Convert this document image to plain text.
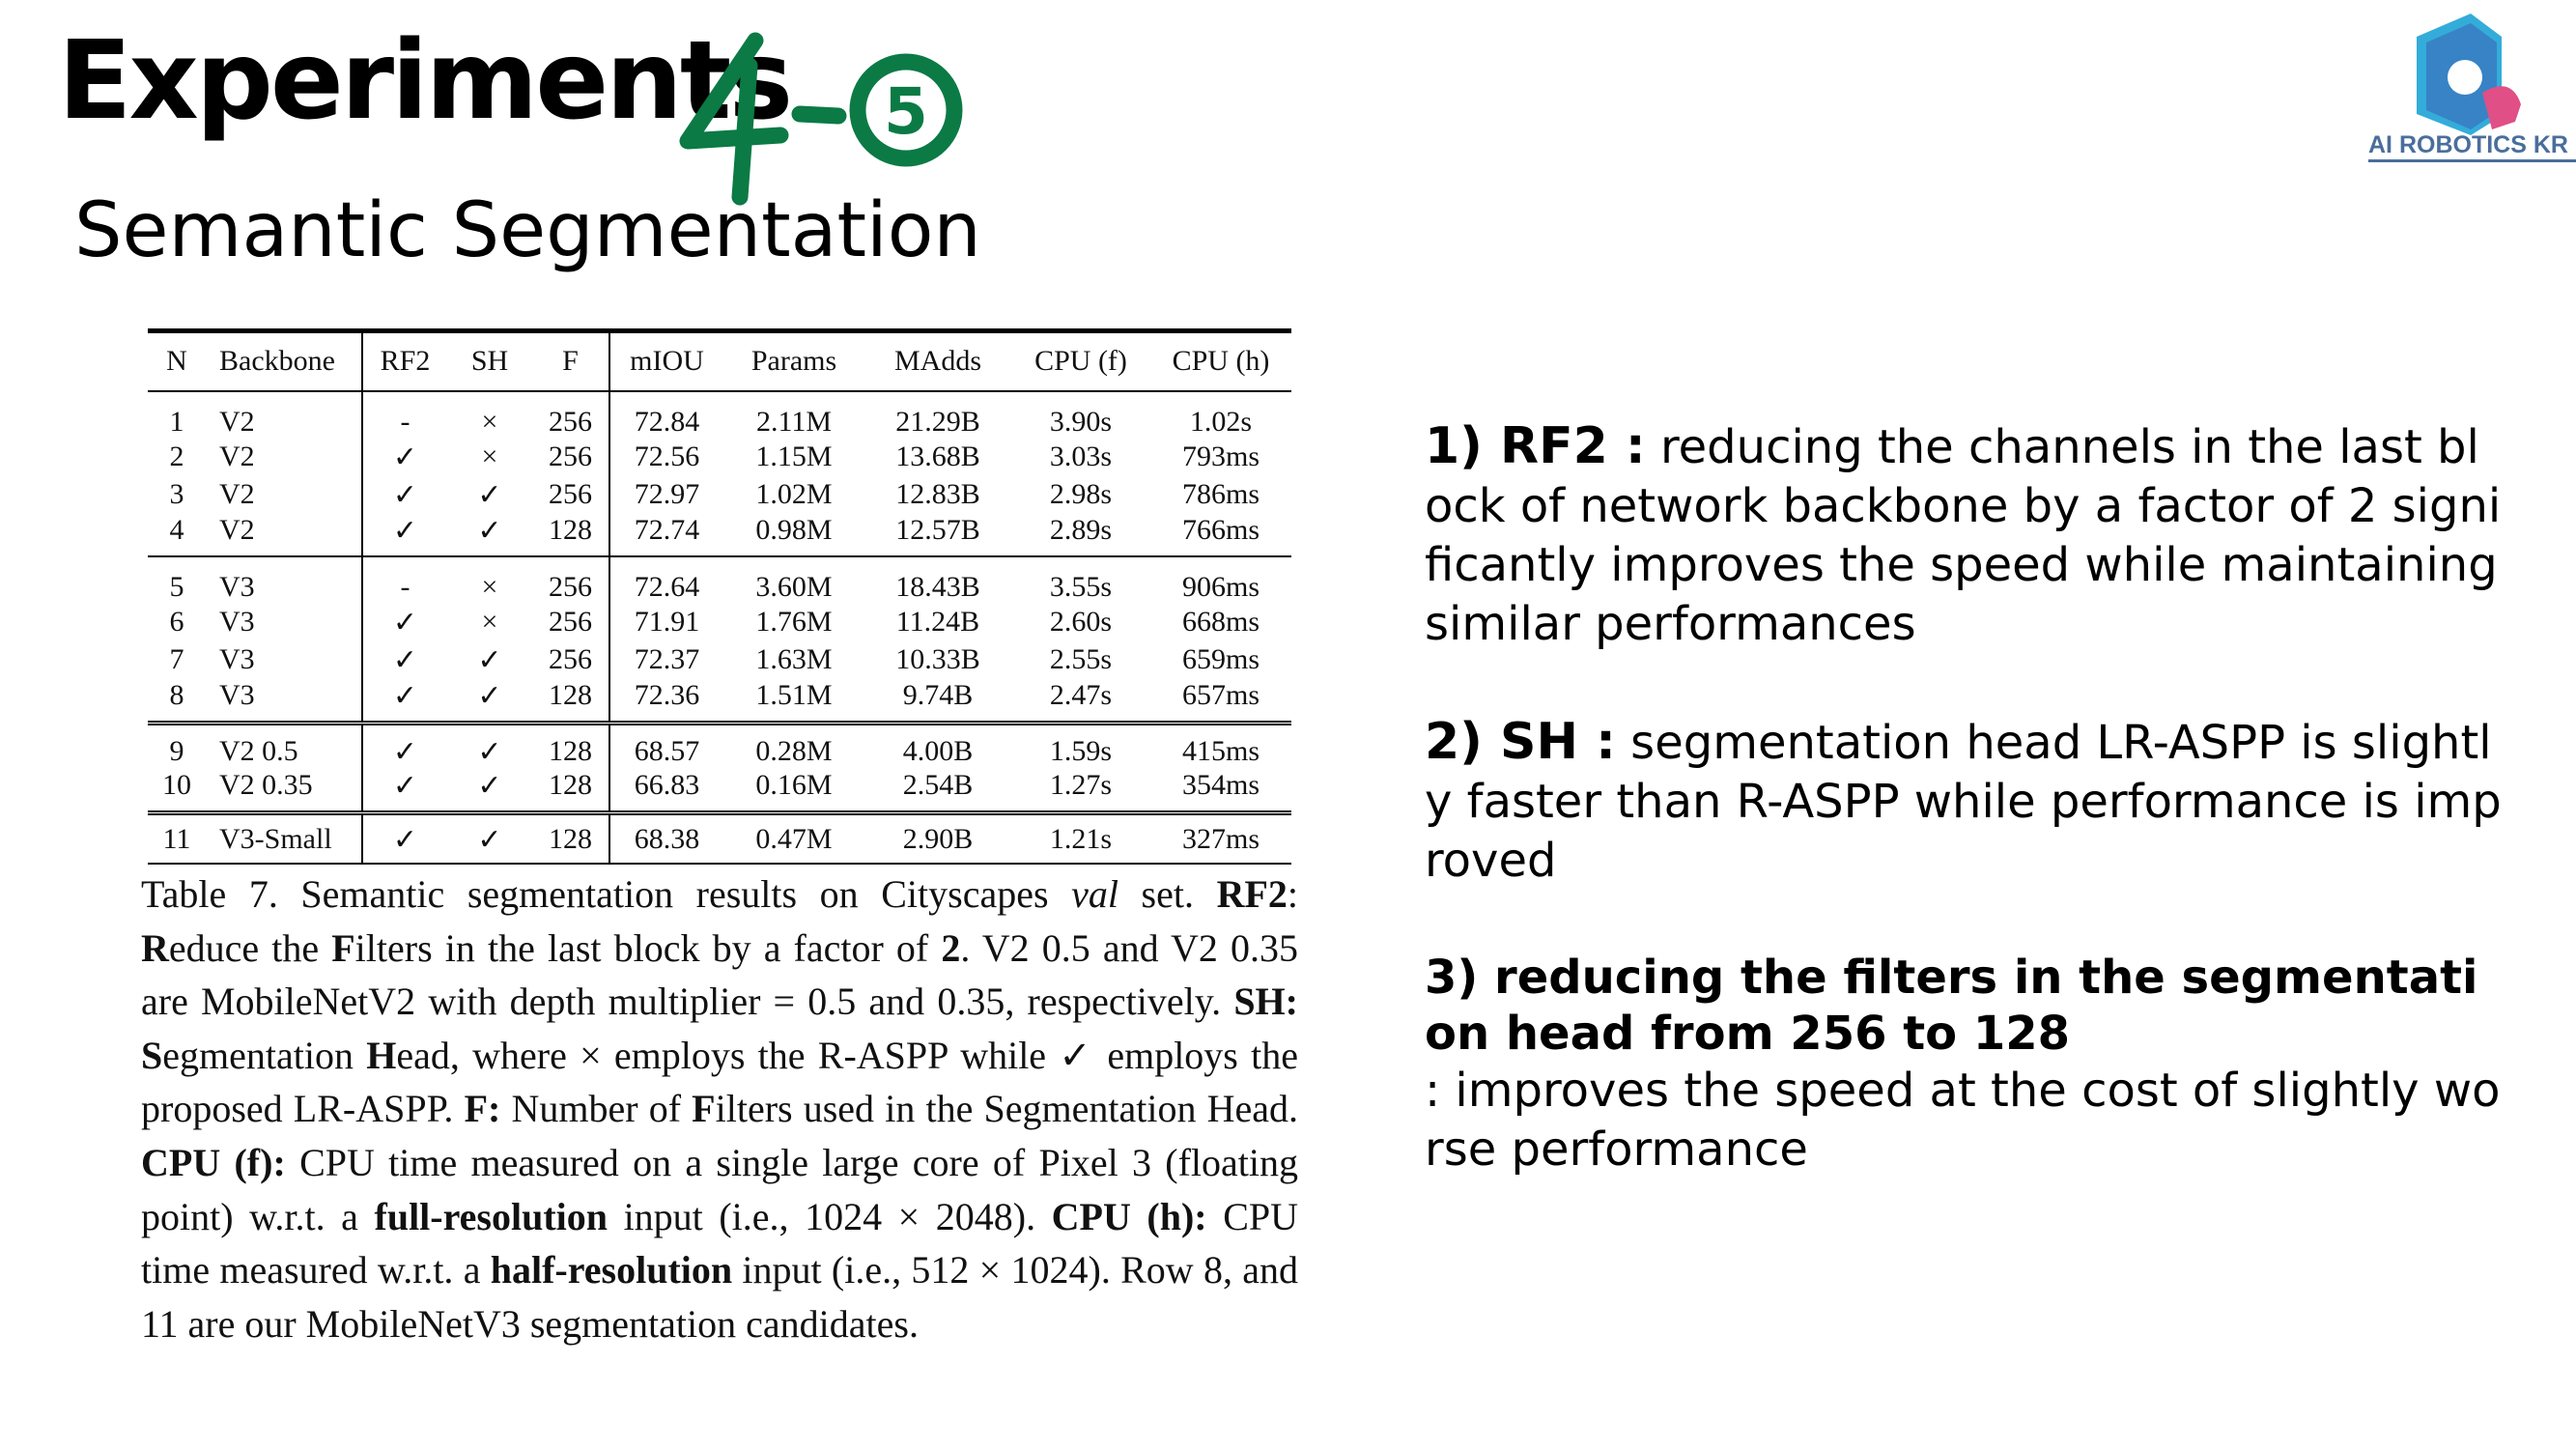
Experiments 5
Semantic Segmentation
AI ROBOTICS KR
N	Backbone	RF2	SH	F	mIOU	Params	MAdds	CPU (f)	CPU (h)
1	V2	-	×	256	72.84	2.11M	21.29B	3.90s	1.02s
2	V2	✓	×	256	72.56	1.15M	13.68B	3.03s	793ms
3	V2	✓	✓	256	72.97	1.02M	12.83B	2.98s	786ms
4	V2	✓	✓	128	72.74	0.98M	12.57B	2.89s	766ms
5	V3	-	×	256	72.64	3.60M	18.43B	3.55s	906ms
6	V3	✓	×	256	71.91	1.76M	11.24B	2.60s	668ms
7	V3	✓	✓	256	72.37	1.63M	10.33B	2.55s	659ms
8	V3	✓	✓	128	72.36	1.51M	9.74B	2.47s	657ms
9	V2 0.5	✓	✓	128	68.57	0.28M	4.00B	1.59s	415ms
10	V2 0.35	✓	✓	128	66.83	0.16M	2.54B	1.27s	354ms
11	V3-Small	✓	✓	128	68.38	0.47M	2.90B	1.21s	327ms
Table 7. Semantic segmentation results on Cityscapes val set. RF2: Reduce the Filters in the last block by a factor of 2. V2 0.5 and V2 0.35 are MobileNetV2 with depth multiplier = 0.5 and 0.35, respectively. SH: Segmentation Head, where × employs the R-ASPP while ✓ employs the proposed LR-ASPP. F: Number of Filters used in the Segmentation Head. CPU (f): CPU time measured on a single large core of Pixel 3 (floating point) w.r.t. a full-resolution input (i.e., 1024 × 2048). CPU (h): CPU time measured w.r.t. a half-resolution input (i.e., 512 × 1024). Row 8, and 11 are our MobileNetV3 segmentation candidates.
1) RF2 : reducing the channels in the last block of network backbone by a factor of 2 significantly improves the speed while maintaining similar performances
2) SH : segmentation head LR-ASPP is slightly faster than R-ASPP while performance is improved
3) reducing the filters in the segmentation head from 256 to 128
: improves the speed at the cost of slightly worse performance
